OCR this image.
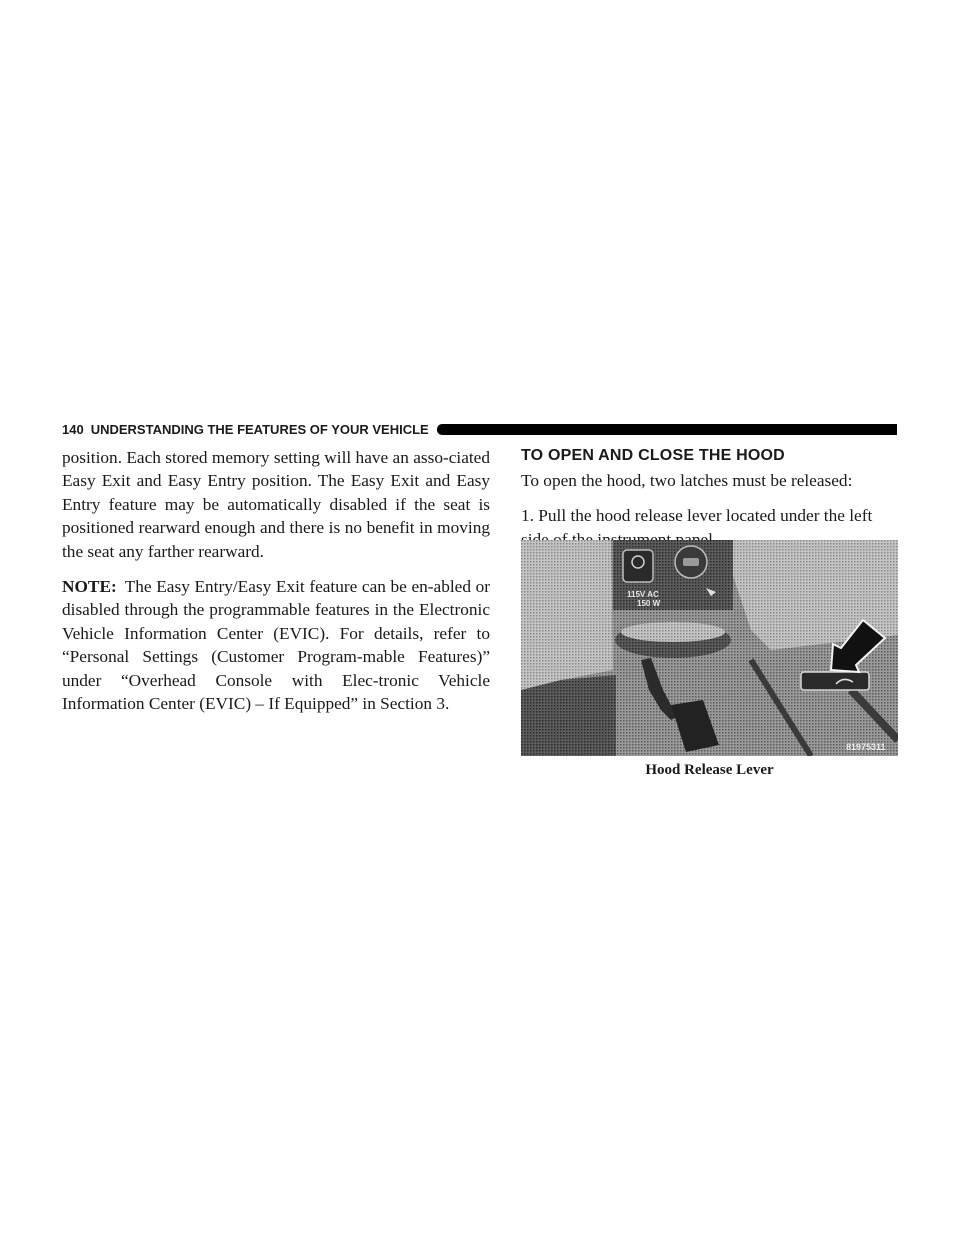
140 UNDERSTANDING THE FEATURES OF YOUR VEHICLE

position. Each stored memory setting will have an asso-ciated Easy Exit and Easy Entry position. The Easy Exit and Easy Entry feature may be automatically disabled if the seat is positioned rearward enough and there is no benefit in moving the seat any farther rearward.

NOTE: The Easy Entry/Easy Exit feature can be en-abled or disabled through the programmable features in the Electronic Vehicle Information Center (EVIC). For details, refer to “Personal Settings (Customer Program-mable Features)” under “Overhead Console with Elec-tronic Vehicle Information Center (EVIC) – If Equipped” in Section 3.

TO OPEN AND CLOSE THE HOOD

To open the hood, two latches must be released:

1. Pull the hood release lever located under the left

115V AC
150 W
81975311
Hood Release Lever
